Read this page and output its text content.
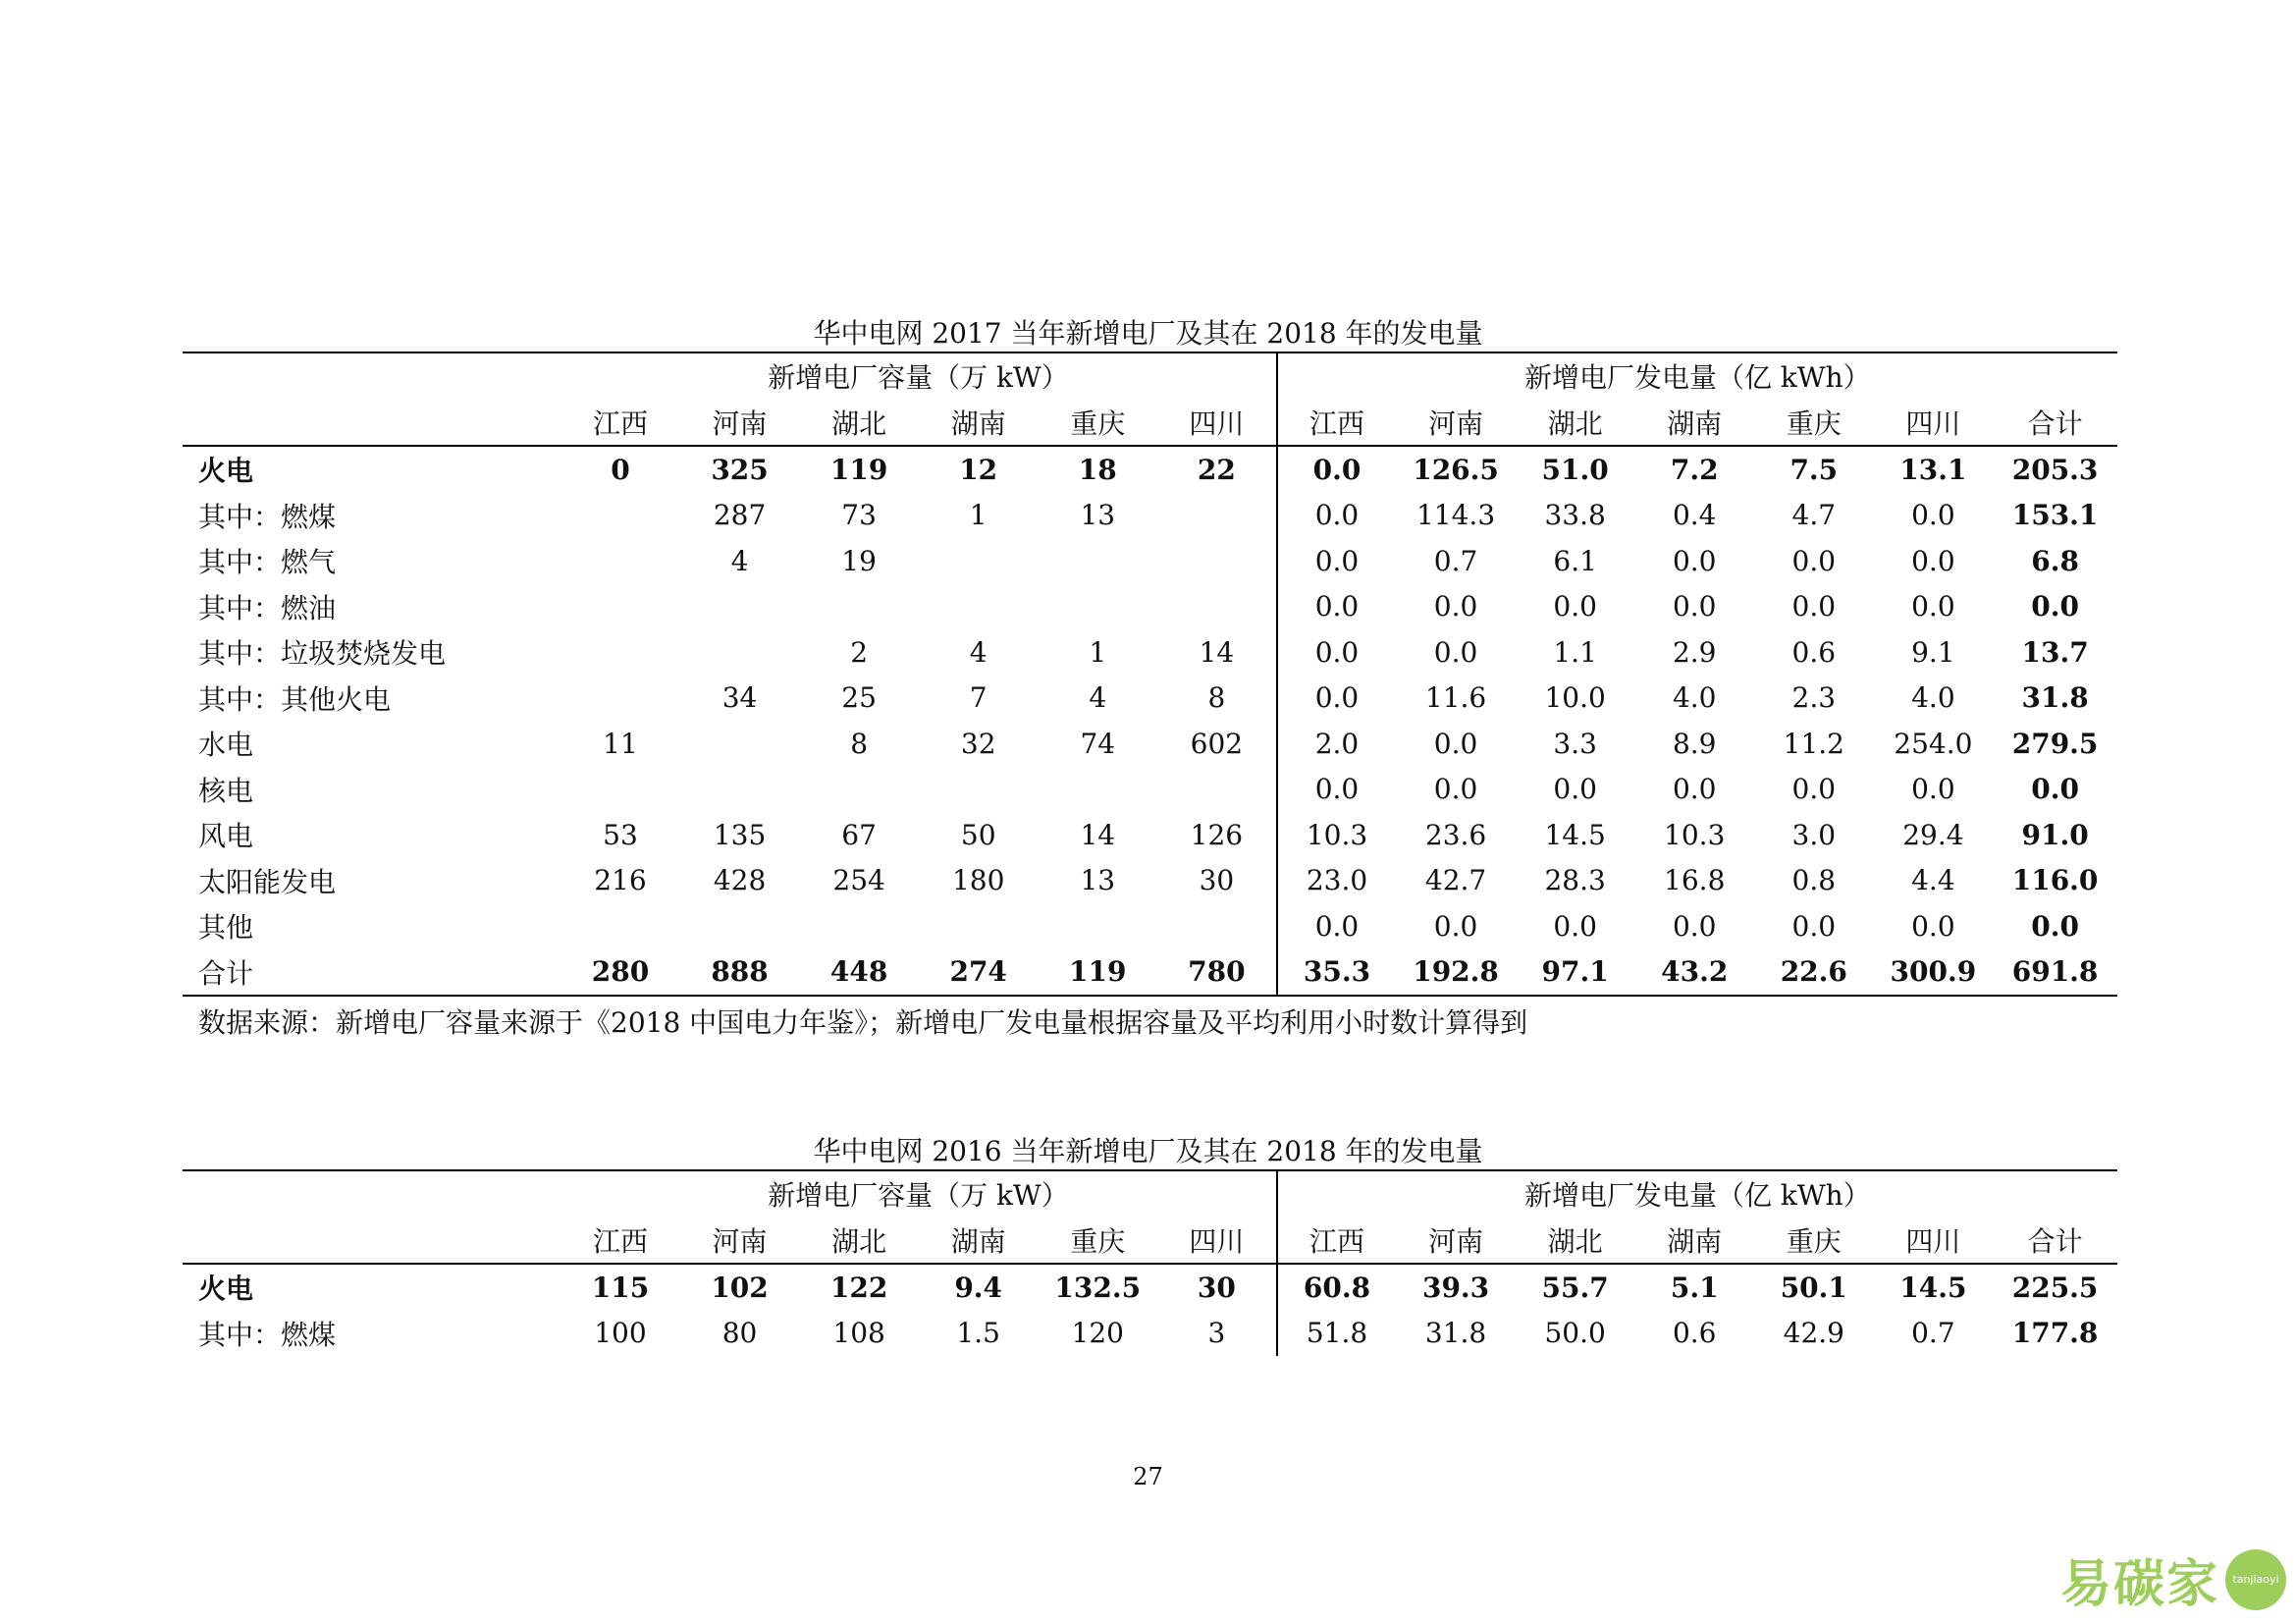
华中电网 2017 当年新增电厂及其在 2018 年的发电量
	新增电厂容量（万 kW）						新增电厂发电量（亿 kWh）						
	江西	河南	湖北	湖南	重庆	四川	江西	河南	湖北	湖南	重庆	四川	合计
火电	0	325	119	12	18	22	0.0	126.5	51.0	7.2	7.5	13.1	205.3
其中：燃煤		287	73	1	13		0.0	114.3	33.8	0.4	4.7	0.0	153.1
其中：燃气		4	19				0.0	0.7	6.1	0.0	0.0	0.0	6.8
其中：燃油							0.0	0.0	0.0	0.0	0.0	0.0	0.0
其中：垃圾焚烧发电			2	4	1	14	0.0	0.0	1.1	2.9	0.6	9.1	13.7
其中：其他火电		34	25	7	4	8	0.0	11.6	10.0	4.0	2.3	4.0	31.8
水电	11		8	32	74	602	2.0	0.0	3.3	8.9	11.2	254.0	279.5
核电							0.0	0.0	0.0	0.0	0.0	0.0	0.0
风电	53	135	67	50	14	126	10.3	23.6	14.5	10.3	3.0	29.4	91.0
太阳能发电	216	428	254	180	13	30	23.0	42.7	28.3	16.8	0.8	4.4	116.0
其他							0.0	0.0	0.0	0.0	0.0	0.0	0.0
合计	280	888	448	274	119	780	35.3	192.8	97.1	43.2	22.6	300.9	691.8
数据来源：新增电厂容量来源于《2018 中国电力年鉴》；新增电厂发电量根据容量及平均利用小时数计算得到
华中电网 2016 当年新增电厂及其在 2018 年的发电量
	新增电厂容量（万 kW）						新增电厂发电量（亿 kWh）						
	江西	河南	湖北	湖南	重庆	四川	江西	河南	湖北	湖南	重庆	四川	合计
火电	115	102	122	9.4	132.5	30	60.8	39.3	55.7	5.1	50.1	14.5	225.5
其中：燃煤	100	80	108	1.5	120	3	51.8	31.8	50.0	0.6	42.9	0.7	177.8
27
易碳家	tanjiaoyi
